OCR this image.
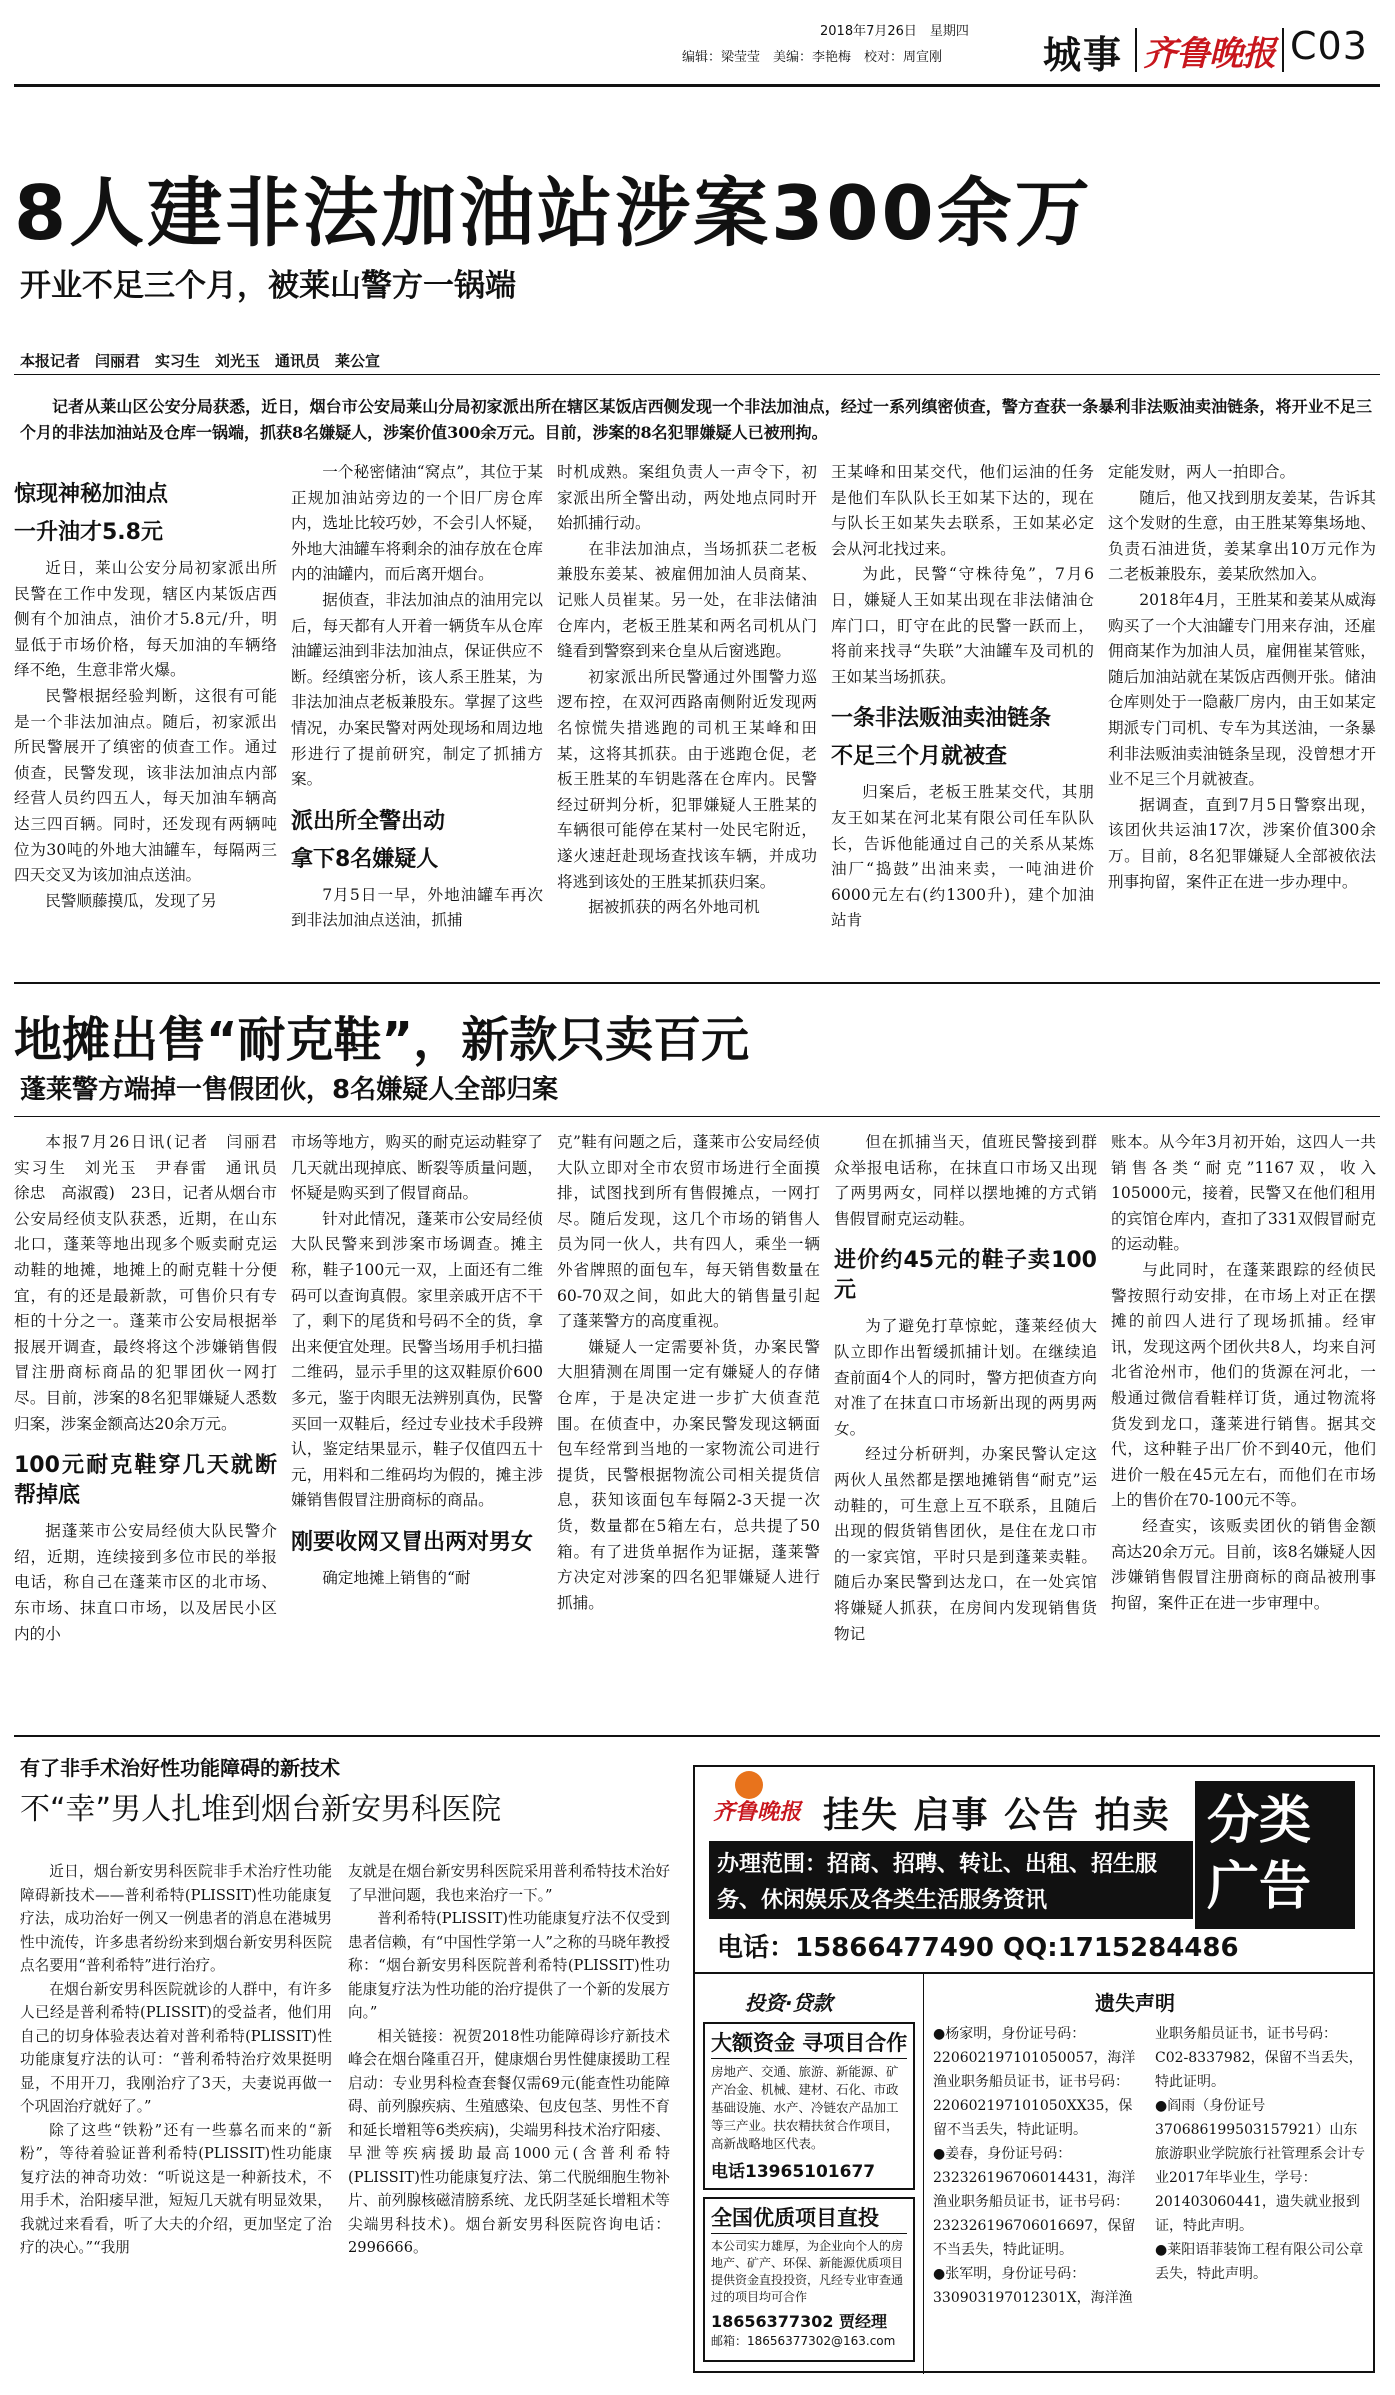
2018年7月26日　星期四
编辑：梁莹莹　美编：李艳梅　校对：周宣刚	城事 齐鲁晚报 C03
8人建非法加油站涉案300余万
开业不足三个月，被莱山警方一锅端
本报记者　闫丽君　实习生　刘光玉　通讯员　莱公宣
记者从莱山区公安分局获悉，近日，烟台市公安局莱山分局初家派出所在辖区某饭店西侧发现一个非法加油点，经过一系列缜密侦查，警方查获一条暴利非法贩油卖油链条，将开业不足三个月的非法加油站及仓库一锅端，抓获8名嫌疑人，涉案价值300余万元。目前，涉案的8名犯罪嫌疑人已被刑拘。
惊现神秘加油点
一升油才5.8元

近日，莱山公安分局初家派出所民警在工作中发现，辖区内某饭店西侧有个加油点，油价才5.8元/升，明显低于市场价格，每天加油的车辆络绎不绝，生意非常火爆。

民警根据经验判断，这很有可能是一个非法加油点。随后，初家派出所民警展开了缜密的侦查工作。通过侦查，民警发现，该非法加油点内部经营人员约四五人，每天加油车辆高达三四百辆。同时，还发现有两辆吨位为30吨的外地大油罐车，每隔两三四天交叉为该加油点送油。

民警顺藤摸瓜，发现了另

一个秘密储油“窝点”，其位于某正规加油站旁边的一个旧厂房仓库内，选址比较巧妙，不会引人怀疑，外地大油罐车将剩余的油存放在仓库内的油罐内，而后离开烟台。

据侦查，非法加油点的油用完以后，每天都有人开着一辆货车从仓库油罐运油到非法加油点，保证供应不断。经缜密分析，该人系王胜某，为非法加油点老板兼股东。掌握了这些情况，办案民警对两处现场和周边地形进行了提前研究，制定了抓捕方案。

派出所全警出动
拿下8名嫌疑人

7月5日一早，外地油罐车再次到非法加油点送油，抓捕

时机成熟。案组负责人一声令下，初家派出所全警出动，两处地点同时开始抓捕行动。

在非法加油点，当场抓获二老板兼股东姜某、被雇佣加油人员商某、记账人员崔某。另一处，在非法储油仓库内，老板王胜某和两名司机从门缝看到警察到来仓皇从后窗逃跑。

初家派出所民警通过外围警力巡逻布控，在双河西路南侧附近发现两名惊慌失措逃跑的司机王某峰和田某，这将其抓获。由于逃跑仓促，老板王胜某的车钥匙落在仓库内。民警经过研判分析，犯罪嫌疑人王胜某的车辆很可能停在某村一处民宅附近，遂火速赶赴现场查找该车辆，并成功将逃到该处的王胜某抓获归案。

据被抓获的两名外地司机

王某峰和田某交代，他们运油的任务是他们车队队长王如某下达的，现在与队长王如某失去联系，王如某必定会从河北找过来。

为此，民警“守株待兔”，7月6日，嫌疑人王如某出现在非法储油仓库门口，盯守在此的民警一跃而上，将前来找寻“失联”大油罐车及司机的王如某当场抓获。

一条非法贩油卖油链条
不足三个月就被查

归案后，老板王胜某交代，其朋友王如某在河北某有限公司任车队队长，告诉他能通过自己的关系从某炼油厂“捣鼓”出油来卖，一吨油进价6000元左右(约1300升)，建个加油站肯

定能发财，两人一拍即合。

随后，他又找到朋友姜某，告诉其这个发财的生意，由王胜某筹集场地、负责石油进货，姜某拿出10万元作为二老板兼股东，姜某欣然加入。

2018年4月，王胜某和姜某从威海购买了一个大油罐专门用来存油，还雇佣商某作为加油人员，雇佣崔某管账，随后加油站就在某饭店西侧开张。储油仓库则处于一隐蔽厂房内，由王如某定期派专门司机、专车为其送油，一条暴利非法贩油卖油链条呈现，没曾想才开业不足三个月就被查。

据调查，直到7月5日警察出现，该团伙共运油17次，涉案价值300余万。目前，8名犯罪嫌疑人全部被依法刑事拘留，案件正在进一步办理中。

地摊出售“耐克鞋”，新款只卖百元
蓬莱警方端掉一售假团伙，8名嫌疑人全部归案

本报7月26日讯(记者　闫丽君　实习生　刘光玉　尹春雷　通讯员　徐忠　高淑霞)　23日，记者从烟台市公安局经侦支队获悉，近期，在山东北口，蓬莱等地出现多个贩卖耐克运动鞋的地摊，地摊上的耐克鞋十分便宜，有的还是最新款，可售价只有专柜的十分之一。蓬莱市公安局根据举报展开调查，最终将这个涉嫌销售假冒注册商标商品的犯罪团伙一网打尽。目前，涉案的8名犯罪嫌疑人悉数归案，涉案金额高达20余万元。

100元耐克鞋穿几天就断帮掉底

据蓬莱市公安局经侦大队民警介绍，近期，连续接到多位市民的举报电话，称自己在蓬莱市区的北市场、东市场、抹直口市场，以及居民小区内的小

市场等地方，购买的耐克运动鞋穿了几天就出现掉底、断裂等质量问题，怀疑是购买到了假冒商品。

针对此情况，蓬莱市公安局经侦大队民警来到涉案市场调查。摊主称，鞋子100元一双，上面还有二维码可以查询真假。家里亲戚开店不干了，剩下的尾货和号码不全的货，拿出来便宜处理。民警当场用手机扫描二维码，显示手里的这双鞋原价600多元，鉴于肉眼无法辨别真伪，民警买回一双鞋后，经过专业技术手段辨认，鉴定结果显示，鞋子仅值四五十元，用料和二维码均为假的，摊主涉嫌销售假冒注册商标的商品。

刚要收网又冒出两对男女

确定地摊上销售的“耐

克”鞋有问题之后，蓬莱市公安局经侦大队立即对全市农贸市场进行全面摸排，试图找到所有售假摊点，一网打尽。随后发现，这几个市场的销售人员为同一伙人，共有四人，乘坐一辆外省牌照的面包车，每天销售数量在60-70双之间，如此大的销售量引起了蓬莱警方的高度重视。

嫌疑人一定需要补货，办案民警大胆猜测在周围一定有嫌疑人的存储仓库，于是决定进一步扩大侦查范围。在侦查中，办案民警发现这辆面包车经常到当地的一家物流公司进行提货，民警根据物流公司相关提货信息，获知该面包车每隔2-3天提一次货，数量都在5箱左右，总共提了50箱。有了进货单据作为证据，蓬莱警方决定对涉案的四名犯罪嫌疑人进行抓捕。

但在抓捕当天，值班民警接到群众举报电话称，在抹直口市场又出现了两男两女，同样以摆地摊的方式销售假冒耐克运动鞋。

进价约45元的鞋子卖100元

为了避免打草惊蛇，蓬莱经侦大队立即作出暂缓抓捕计划。在继续追查前面4个人的同时，警方把侦查方向对准了在抹直口市场新出现的两男两女。

经过分析研判，办案民警认定这两伙人虽然都是摆地摊销售“耐克”运动鞋的，可生意上互不联系，且随后出现的假货销售团伙，是住在龙口市的一家宾馆，平时只是到蓬莱卖鞋。随后办案民警到达龙口，在一处宾馆将嫌疑人抓获，在房间内发现销售货物记

账本。从今年3月初开始，这四人一共销售各类“耐克”1167双，收入105000元，接着，民警又在他们租用的宾馆仓库内，查扣了331双假冒耐克的运动鞋。

与此同时，在蓬莱跟踪的经侦民警按照行动安排，在市场上对正在摆摊的前四人进行了现场抓捕。经审讯，发现这两个团伙共8人，均来自河北省沧州市，他们的货源在河北，一般通过微信看鞋样订货，通过物流将货发到龙口，蓬莱进行销售。据其交代，这种鞋子出厂价不到40元，他们进价一般在45元左右，而他们在市场上的售价在70-100元不等。

经查实，该贩卖团伙的销售金额高达20余万元。目前，该8名嫌疑人因涉嫌销售假冒注册商标的商品被刑事拘留，案件正在进一步审理中。

有了非手术治好性功能障碍的新技术
不“幸”男人扎堆到烟台新安男科医院

近日，烟台新安男科医院非手术治疗性功能障碍新技术——普利希特(PLISSIT)性功能康复疗法，成功治好一例又一例患者的消息在港城男性中流传，许多患者纷纷来到烟台新安男科医院点名要用“普利希特”进行治疗。

在烟台新安男科医院就诊的人群中，有许多人已经是普利希特(PLISSIT)的受益者，他们用自己的切身体验表达着对普利希特(PLISSIT)性功能康复疗法的认可：“普利希特治疗效果挺明显，不用开刀，我刚治疗了3天，夫妻说再做一个巩固治疗就好了。”

除了这些“铁粉”还有一些慕名而来的“新粉”，等待着验证普利希特(PLISSIT)性功能康复疗法的神奇功效：“听说这是一种新技术，不用手术，治阳痿早泄，短短几天就有明显效果，我就过来看看，听了大夫的介绍，更加坚定了治疗的决心。”“我朋

友就是在烟台新安男科医院采用普利希特技术治好了早泄问题，我也来治疗一下。”

普利希特(PLISSIT)性功能康复疗法不仅受到患者信赖，有“中国性学第一人”之称的马晓年教授称：“烟台新安男科医院普利希特(PLISSIT)性功能康复疗法为性功能的治疗提供了一个新的发展方向。”

相关链接：祝贺2018性功能障碍诊疗新技术峰会在烟台隆重召开，健康烟台男性健康援助工程启动：专业男科检查套餐仅需69元(能查性功能障碍、前列腺疾病、生殖感染、包皮包茎、男性不育和延长增粗等6类疾病)，尖端男科技术治疗阳痿、早泄等疾病援助最高1000元(含普利希特(PLISSIT)性功能康复疗法、第二代脱细胞生物补片、前列腺核磁清膀系统、龙氏阴茎延长增粗术等尖端男科技术)。烟台新安男科医院咨询电话：2996666。

齐鲁晚报 挂失 启事 公告 拍卖 分类
广告
办理范围：招商、招聘、转让、出租、招生服
务、休闲娱乐及各类生活服务资讯
电话：15866477490 QQ:1715284486
投资·贷款
大额资金 寻项目合作
房地产、交通、旅游、新能源、矿产冶金、机械、建材、石化、市政基础设施、水产、冷链农产品加工等三产业。扶农精扶贫合作项目，高新战略地区代表。
电话13965101677
全国优质项目直投
本公司实力雄厚，为企业向个人的房地产、矿产、环保、新能源优质项目提供资金直投投资，凡经专业审查通过的项目均可合作
18656377302 贾经理
邮箱：18656377302@163.com
遗失声明

●杨家明，身份证号码：220602197101050057，海洋渔业职务船员证书，证书号码：220602197101050XX35，保留不当丢失，特此证明。

●姜春，身份证号码：232326196706014431，海洋渔业职务船员证书，证书号码：232326196706016697，保留不当丢失，特此证明。

●张军明，身份证号码：330903197012301X，海洋渔

业职务船员证书，证书号码：C02-8337982，保留不当丢失，特此证明。

●阎雨（身份证号370686199503157921）山东旅游职业学院旅行社管理系会计专业2017年毕业生，学号：201403060441，遗失就业报到证，特此声明。

●莱阳语菲装饰工程有限公司公章丢失，特此声明。
